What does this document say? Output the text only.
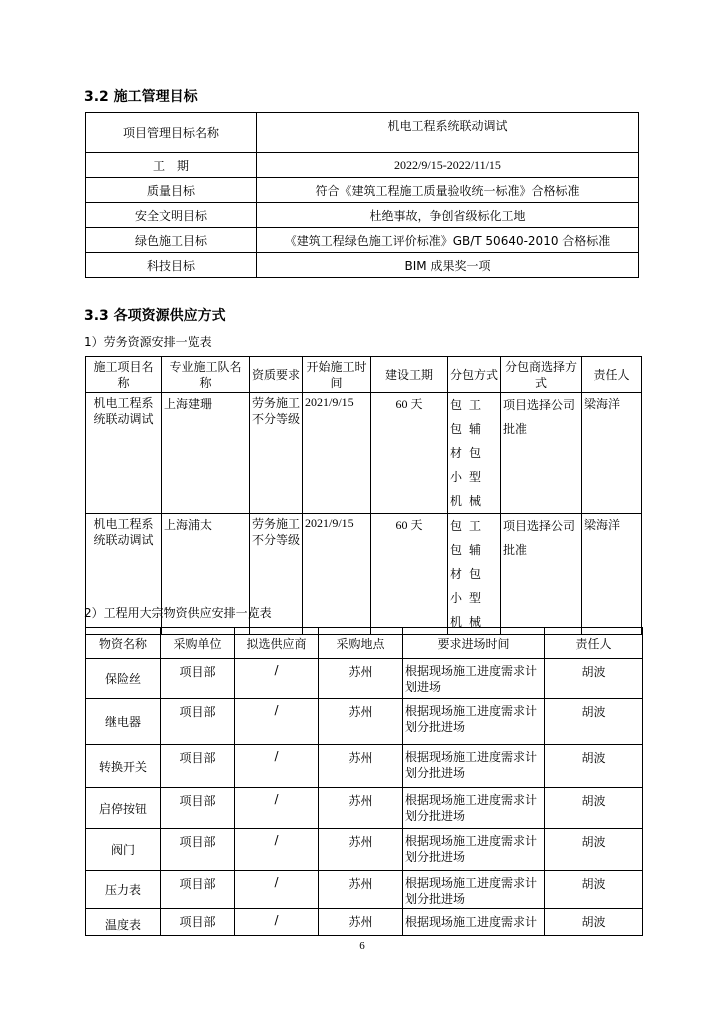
3.2 施工管理目标
项目管理目标名称	机电工程系统联动调试
工　期	2022/9/15-2022/11/15
质量目标	符合《建筑工程施工质量验收统一标准》合格标准
安全文明目标	杜绝事故，争创省级标化工地
绿色施工目标	《建筑工程绿色施工评价标准》GB/T 50640-2010 合格标准
科技目标	BIM 成果奖一项
3.3 各项资源供应方式
1）劳务资源安排一览表
施工项目名称	专业施工队名称	资质要求	开始施工时间	建设工期	分包方式	分包商选择方式	责任人
机电工程系统联动调试	上海建珊	劳务施工不分等级	2021/9/15	60 天	包工包辅材包小型机械	项目选择公司批准	梁海洋
机电工程系统联动调试	上海浦太	劳务施工不分等级	2021/9/15	60 天	包工包辅材包小型机械	项目选择公司批准	梁海洋
2）工程用大宗物资供应安排一览表
物资名称	采购单位	拟选供应商	采购地点	要求进场时间	责任人
保险丝	项目部	/	苏州	根据现场施工进度需求计划进场	胡波
继电器	项目部	/	苏州	根据现场施工进度需求计划分批进场	胡波
转换开关	项目部	/	苏州	根据现场施工进度需求计划分批进场	胡波
启停按钮	项目部	/	苏州	根据现场施工进度需求计划分批进场	胡波
阀门	项目部	/	苏州	根据现场施工进度需求计划分批进场	胡波
压力表	项目部	/	苏州	根据现场施工进度需求计划分批进场	胡波
温度表	项目部	/	苏州	根据现场施工进度需求计	胡波
6
